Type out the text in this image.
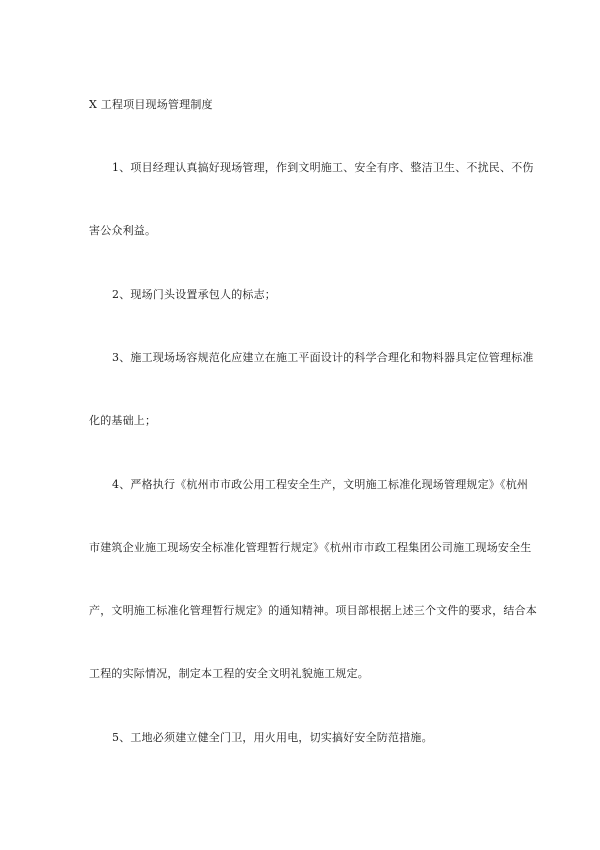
X 工程项目现场管理制度
1、项目经理认真搞好现场管理，作到文明施工、安全有序、整洁卫生、不扰民、不伤
害公众利益。
2、现场门头设置承包人的标志；
3、施工现场场容规范化应建立在施工平面设计的科学合理化和物料器具定位管理标准
化的基础上；
4、严格执行《杭州市市政公用工程安全生产，文明施工标准化现场管理规定》《杭州
市建筑企业施工现场安全标准化管理暂行规定》《杭州市市政工程集团公司施工现场安全生
产，文明施工标准化管理暂行规定》的通知精神。项目部根据上述三个文件的要求，结合本
工程的实际情况，制定本工程的安全文明礼貌施工规定。
5、工地必须建立健全门卫，用火用电，切实搞好安全防范措施。
